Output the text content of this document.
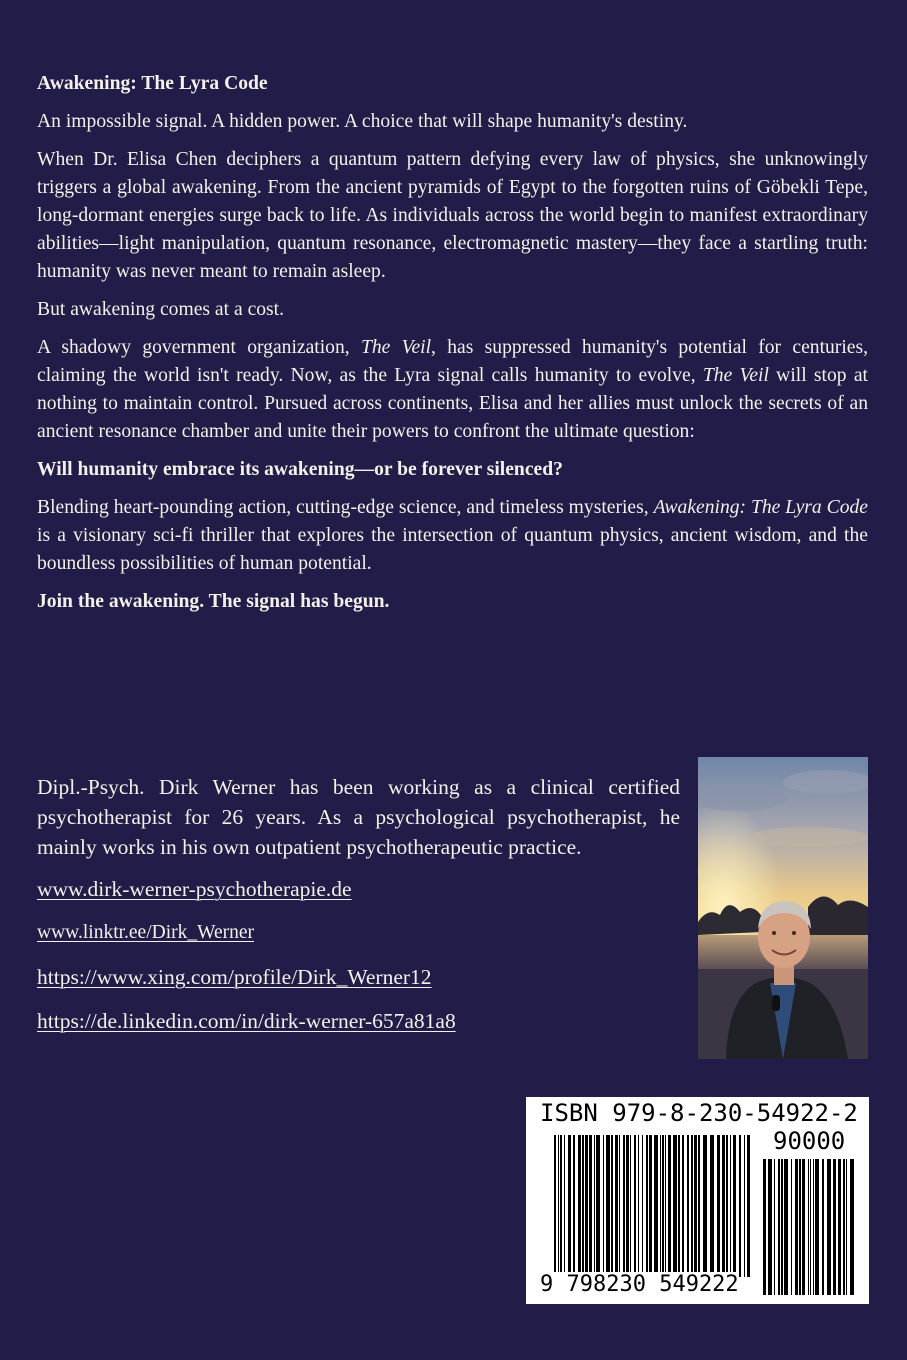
Awakening: The Lyra Code

An impossible signal. A hidden power. A choice that will shape humanity's destiny.

When Dr. Elisa Chen deciphers a quantum pattern defying every law of physics, she unknowingly triggers a global awakening. From the ancient pyramids of Egypt to the forgotten ruins of Göbekli Tepe, long-dormant energies surge back to life. As individuals across the world begin to manifest extraordinary abilities—light manipulation, quantum resonance, electromagnetic mastery—they face a startling truth: humanity was never meant to remain asleep.

But awakening comes at a cost.

A shadowy government organization, The Veil, has suppressed humanity's potential for centuries, claiming the world isn't ready. Now, as the Lyra signal calls humanity to evolve, The Veil will stop at nothing to maintain control. Pursued across continents, Elisa and her allies must unlock the secrets of an ancient resonance chamber and unite their powers to confront the ultimate question:

Will humanity embrace its awakening—or be forever silenced?

Blending heart-pounding action, cutting-edge science, and timeless mysteries, Awakening: The Lyra Code is a visionary sci-fi thriller that explores the intersection of quantum physics, ancient wisdom, and the boundless possibilities of human potential.

Join the awakening. The signal has begun.

Dipl.-Psych. Dirk Werner has been working as a clinical certified psychotherapist for 26 years. As a psychological psychotherapist, he mainly works in his own outpatient psychotherapeutic practice.

www.dirk-werner-psychotherapie.de
www.linktr.ee/Dirk_Werner
https://www.xing.com/profile/Dirk_Werner12
https://de.linkedin.com/in/dirk-werner-657a81a8
ISBN 979-8-230-54922-2
90000
9 798230 549222
